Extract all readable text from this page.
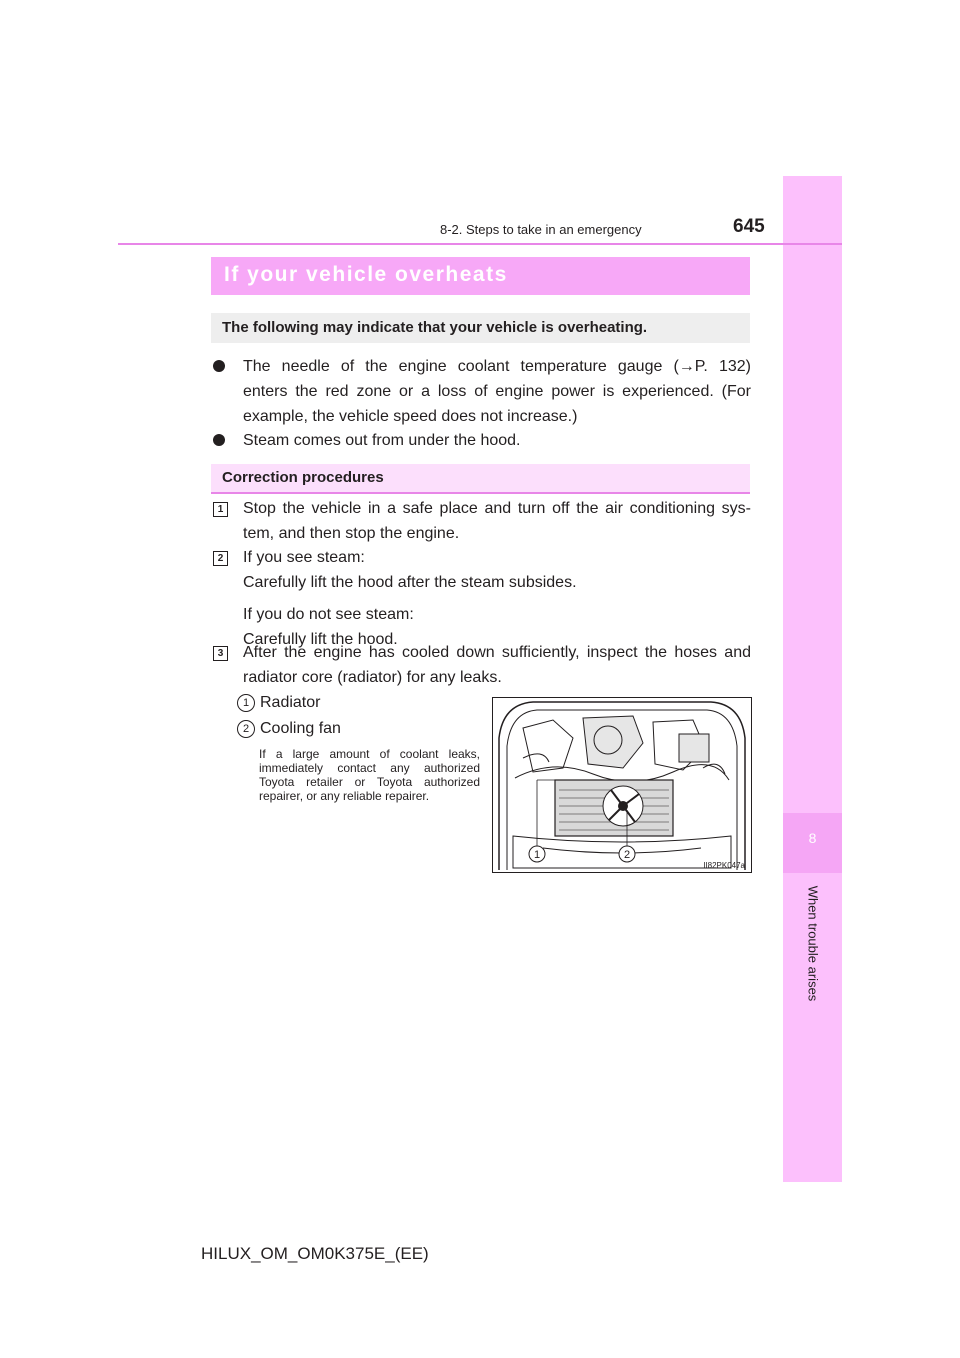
8
When trouble arises
8-2. Steps to take in an emergency	645
If your vehicle overheats
The following may indicate that your vehicle is overheating.
The needle of the engine coolant temperature gauge (→P. 132)
enters the red zone or a loss of engine power is experienced. (For
example, the vehicle speed does not increase.)
Steam comes out from under the hood.
Correction procedures
1 Stop the vehicle in a safe place and turn off the air conditioning sys-
tem, and then stop the engine.
2 If you see steam:
Carefully lift the hood after the steam subsides.
If you do not see steam:
Carefully lift the hood.
3 After the engine has cooled down sufficiently, inspect the hoses and
radiator core (radiator) for any leaks.
1 Radiator
2 Cooling fan
If a large amount of coolant leaks, immediately contact any authorized Toyota retailer or Toyota authorized repairer, or any reliable repairer.
1	2
II82PK047a
HILUX_OM_OM0K375E_(EE)
